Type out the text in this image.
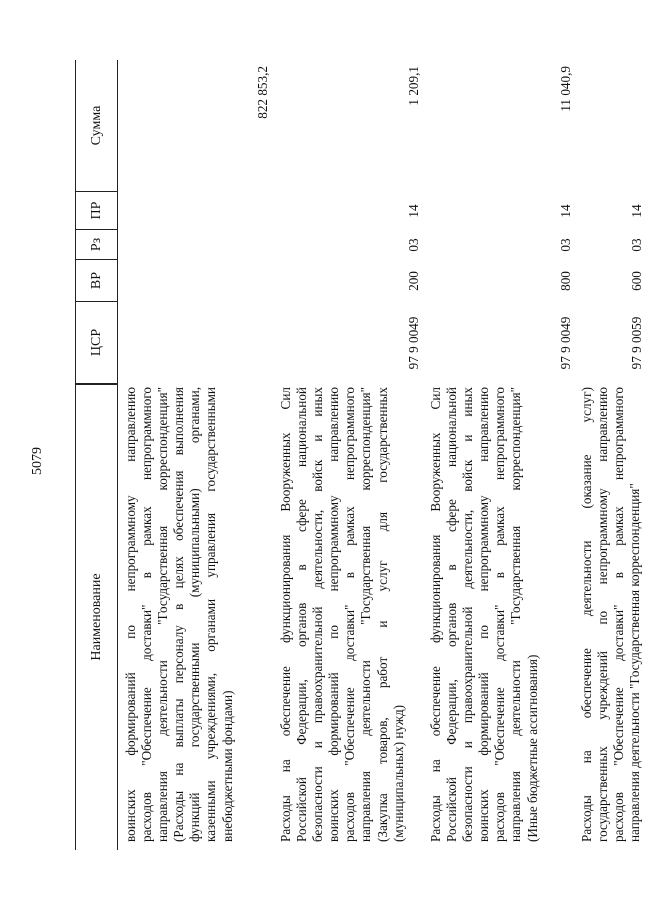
5079
Наименование
ЦСР
ВР
Рз
ПР
Сумма
воинских формирований по непрограммному направлению расходов "Обеспечение доставки" в рамках непрограммного направления деятельности "Государственная корреспонденция" (Расходы на выплаты персоналу в целях обеспечения выполнения функций государственными (муниципальными) органами, казенными учреждениями, органами управления государственными внебюджетными фондами)
822 853,2
Расходы на обеспечение функционирования Вооруженных Сил Российской Федерации, органов в сфере национальной безопасности и правоохранительной деятельности, войск и иных воинских формирований по непрограммному направлению расходов "Обеспечение доставки" в рамках непрограммного направления деятельности "Государственная корреспонденция" (Закупка товаров, работ и услуг для государственных (муниципальных) нужд)
97 9 0049
200
03
14
1 209,1
Расходы на обеспечение функционирования Вооруженных Сил Российской Федерации, органов в сфере национальной безопасности и правоохранительной деятельности, войск и иных воинских формирований по непрограммному направлению расходов "Обеспечение доставки" в рамках непрограммного направления деятельности "Государственная корреспонденция" (Иные бюджетные ассигнования)
97 9 0049
800
03
14
11 040,9
Расходы на обеспечение деятельности (оказание услуг) государственных учреждений по непрограммному направлению расходов "Обеспечение доставки" в рамках непрограммного направления деятельности "Государственная корреспонденция"
97 9 0059
600
03
14
